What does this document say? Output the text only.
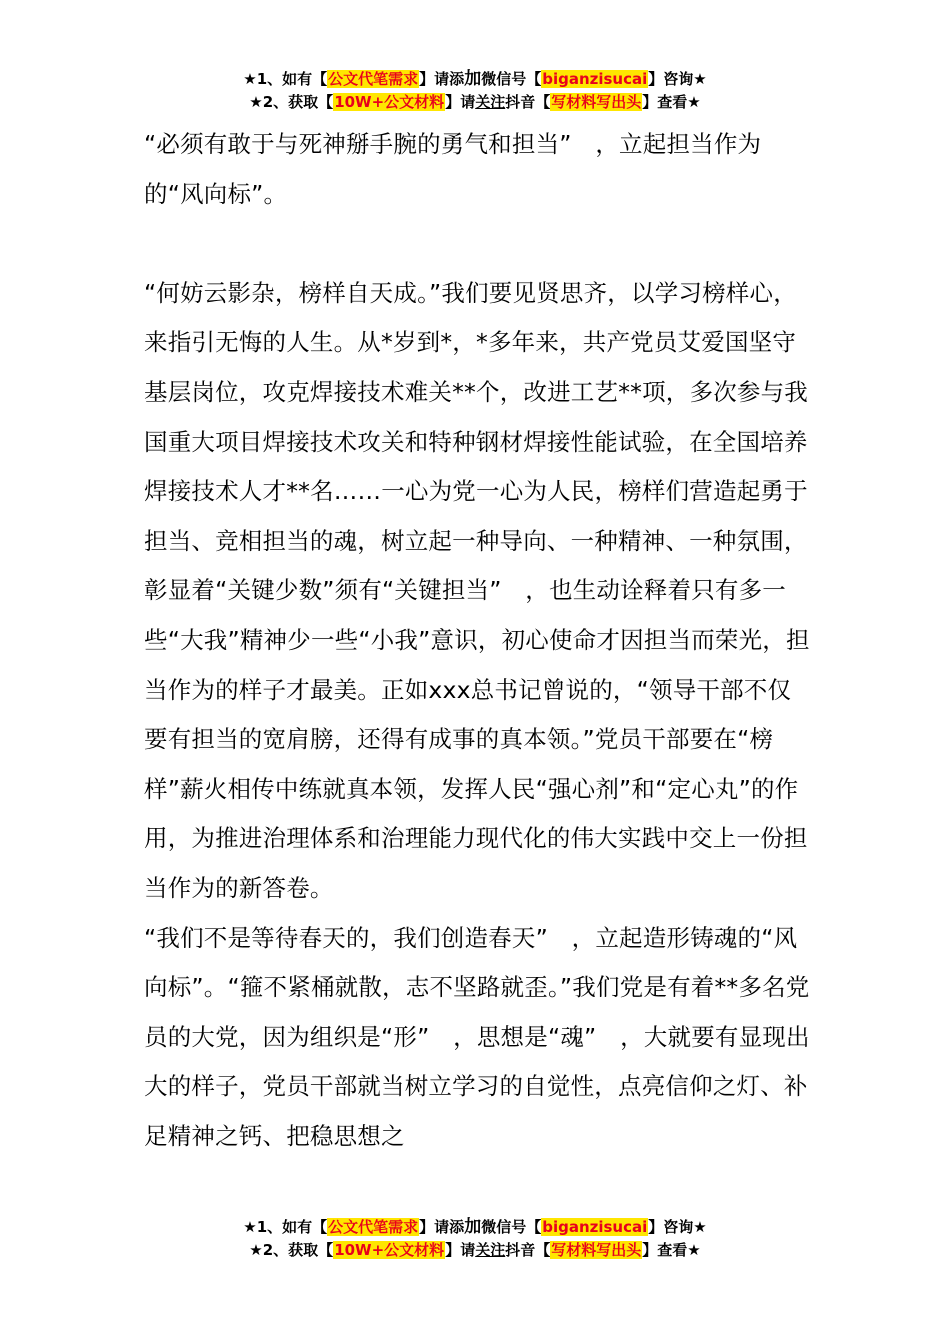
★1、如有【公文代笔需求】请添加微信号【biganzisucai】咨询★
★2、获取【10W+公文材料】请关注抖音【写材料写出头】查看★

“必须有敢于与死神掰手腕的勇气和担当”　，立起担当作为的“风向标”。

“何妨云影杂，榜样自天成。”我们要见贤思齐，以学习榜样心，来指引无悔的人生。从*岁到*，*多年来，共产党员艾爱国坚守基层岗位，攻克焊接技术难关**个，改进工艺**项，多次参与我国重大项目焊接技术攻关和特种钢材焊接性能试验，在全国培养焊接技术人才**名……一心为党一心为人民，榜样们营造起勇于担当、竞相担当的魂，树立起一种导向、一种精神、一种氛围，彰显着“关键少数”须有“关键担当”　，也生动诠释着只有多一些“大我”精神少一些“小我”意识，初心使命才因担当而荣光，担当作为的样子才最美。正如xxx总书记曾说的，“领导干部不仅要有担当的宽肩膀，还得有成事的真本领。”党员干部要在“榜样”薪火相传中练就真本领，发挥人民“强心剂”和“定心丸”的作用，为推进治理体系和治理能力现代化的伟大实践中交上一份担当作为的新答卷。

“我们不是等待春天的，我们创造春天”　，立起造形铸魂的“风向标”。“箍不紧桶就散，志不坚路就歪。”我们党是有着**多名党员的大党，因为组织是“形”　，思想是“魂”　，大就要有显现出大的样子，党员干部就当树立学习的自觉性，点亮信仰之灯、补足精神之钙、把稳思想之

★1、如有【公文代笔需求】请添加微信号【biganzisucai】咨询★
★2、获取【10W+公文材料】请关注抖音【写材料写出头】查看★
